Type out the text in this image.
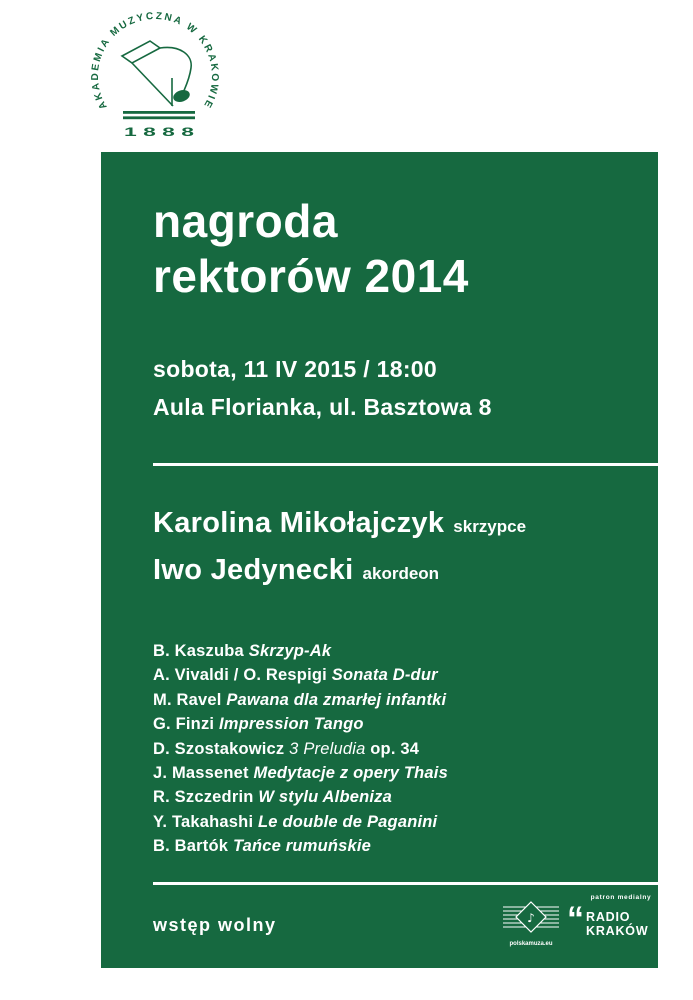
AKADEMIA MUZYCZNA W KRAKOWIE
1 8 8 8
nagroda
rektorów 2014
sobota, 11 IV 2015 / 18:00
Aula Florianka, ul. Basztowa 8
Karolina Mikołajczyk skrzypce
Iwo Jedynecki akordeon
B. Kaszuba Skrzyp-Ak
A. Vivaldi / O. Respigi Sonata D-dur
M. Ravel Pawana dla zmarłej infantki
G. Finzi Impression Tango
D. Szostakowicz 3 Preludia op. 34
J. Massenet Medytacje z opery Thais
R. Szczedrin W stylu Albeniza
Y. Takahashi Le double de Paganini
B. Bartók Tańce rumuńskie
wstęp wolny	♪
polskamuza.eu
patron medialny
“ RADIO
KRAKÓW
